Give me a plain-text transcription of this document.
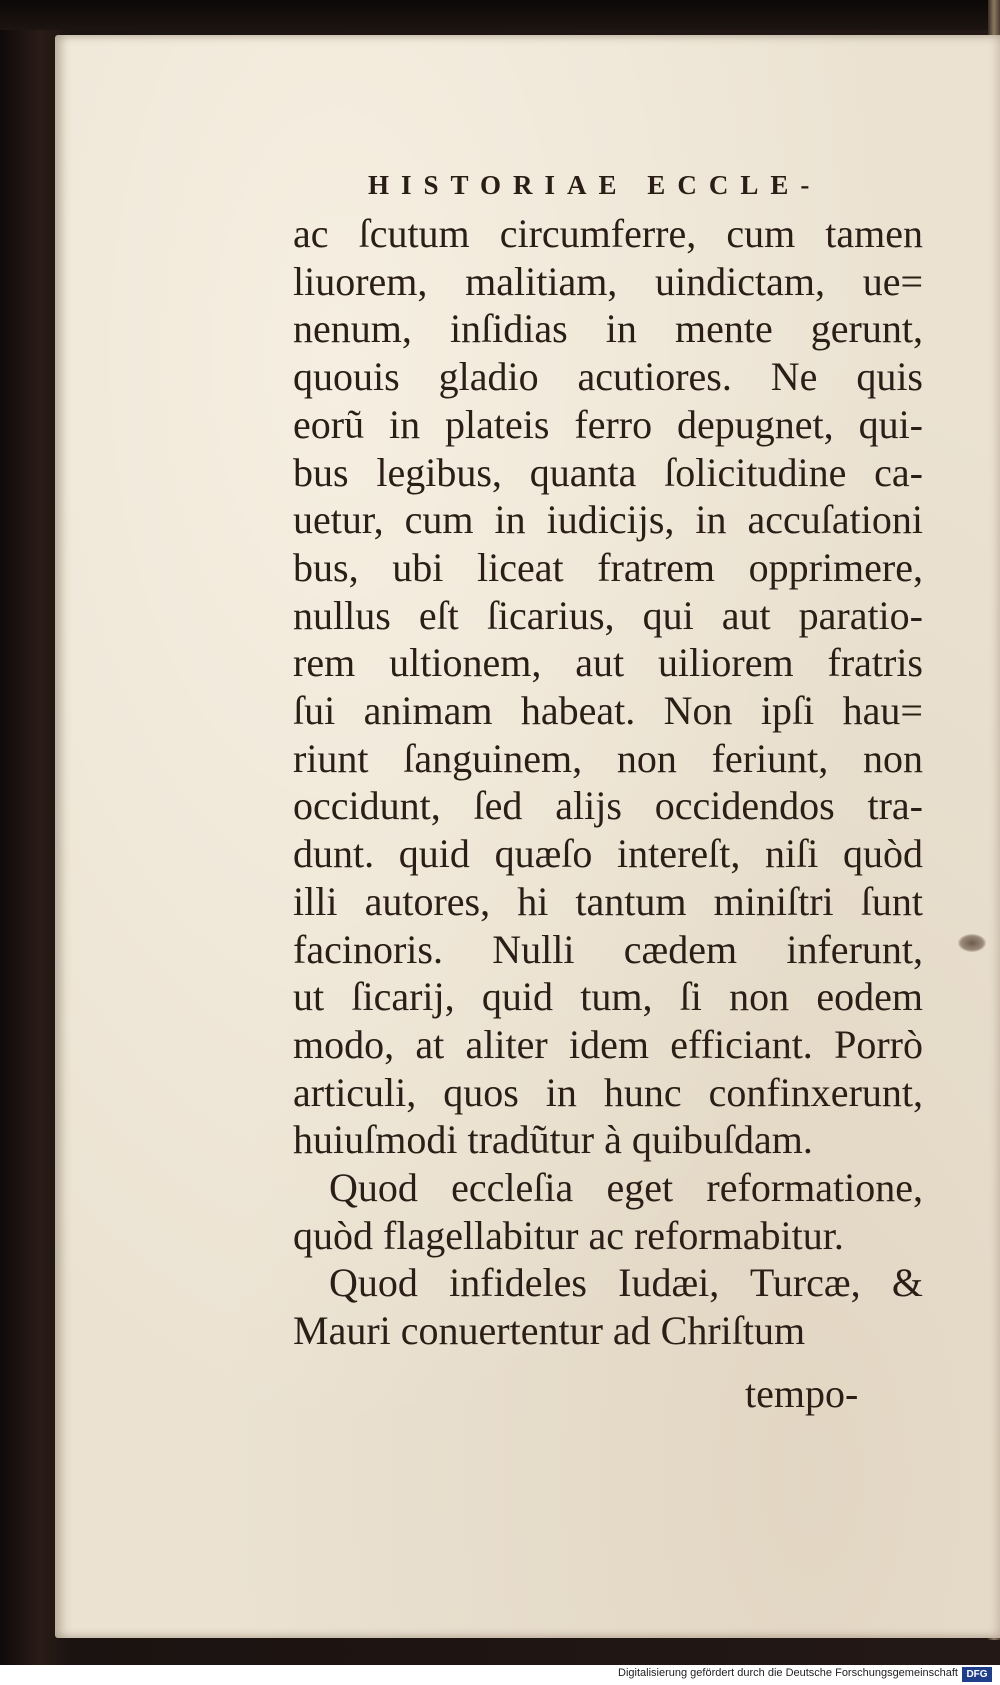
HISTORIAE ECCLE-
ac ſcutum circumferre, cum tamen
liuorem, malitiam, uindictam, ue=
nenum, inſidias in mente gerunt,
quouis gladio acutiores. Ne quis
eorũ in plateis ferro depugnet, qui-
bus legibus, quanta ſolicitudine ca-
uetur, cum in iudicijs, in accuſationi
bus, ubi liceat fratrem opprimere,
nullus eſt ſicarius, qui aut paratio-
rem ultionem, aut uiliorem fratris
ſui animam habeat. Non ipſi hau=
riunt ſanguinem, non feriunt, non
occidunt, ſed alijs occidendos tra-
dunt. quid quæſo intereſt, niſi quòd
illi autores, hi tantum miniſtri ſunt
facinoris. Nulli cædem inferunt,
ut ſicarij, quid tum, ſi non eodem
modo, at aliter idem efficiant. Porrò
articuli, quos in hunc confinxerunt,
huiuſmodi tradũtur à quibuſdam.
Quod eccleſia eget reformatione,
quòd flagellabitur ac reformabitur.
Quod infideles Iudæi, Turcæ, &
Mauri conuertentur ad Chriſtum
tempo-
Digitalisierung gefördert durch die Deutsche Forschungsgemeinschaft DFG
